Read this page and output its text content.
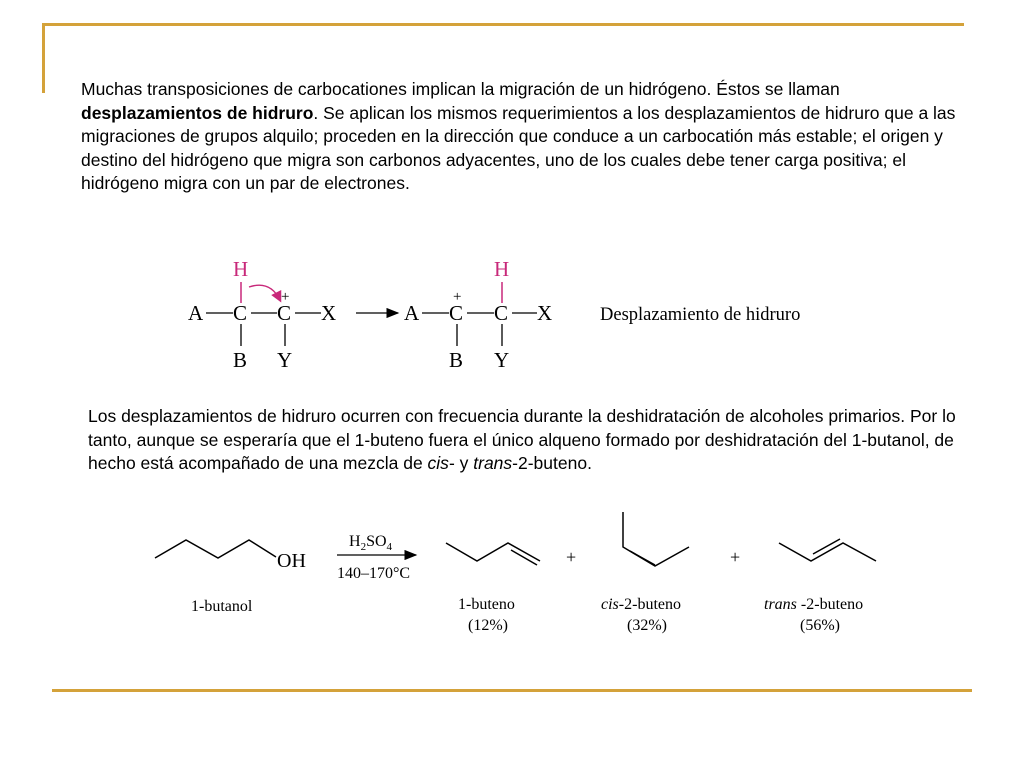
Muchas transposiciones de carbocationes implican la migración de un hidrógeno. Éstos se llaman desplazamientos de hidruro. Se aplican los mismos requerimientos a los desplazamientos de hidruro que a las migraciones de grupos alquilo; proceden en la dirección que conduce a un carbocatión más estable; el origen y destino del hidrógeno que migra son carbonos adyacentes, uno de los cuales debe tener carga positiva; el hidrógeno migra con un par de electrones.
H
A C C
+
X
B Y
H
A C
+
C X
B Y
Desplazamiento de hidruro
Los desplazamientos de hidruro ocurren con frecuencia durante la deshidratación de alcoholes primarios. Por lo tanto, aunque se esperaría que el 1-buteno fuera el único alqueno formado por deshidratación del 1-butanol, de hecho está acompañado de una mezcla de cis- y trans-2-buteno.
OH
1-butanol
$H_2SO_4$
140–170°C
1-buteno
(12%)
+
cis-2-buteno
(32%)
+
trans -2-buteno
(56%)
